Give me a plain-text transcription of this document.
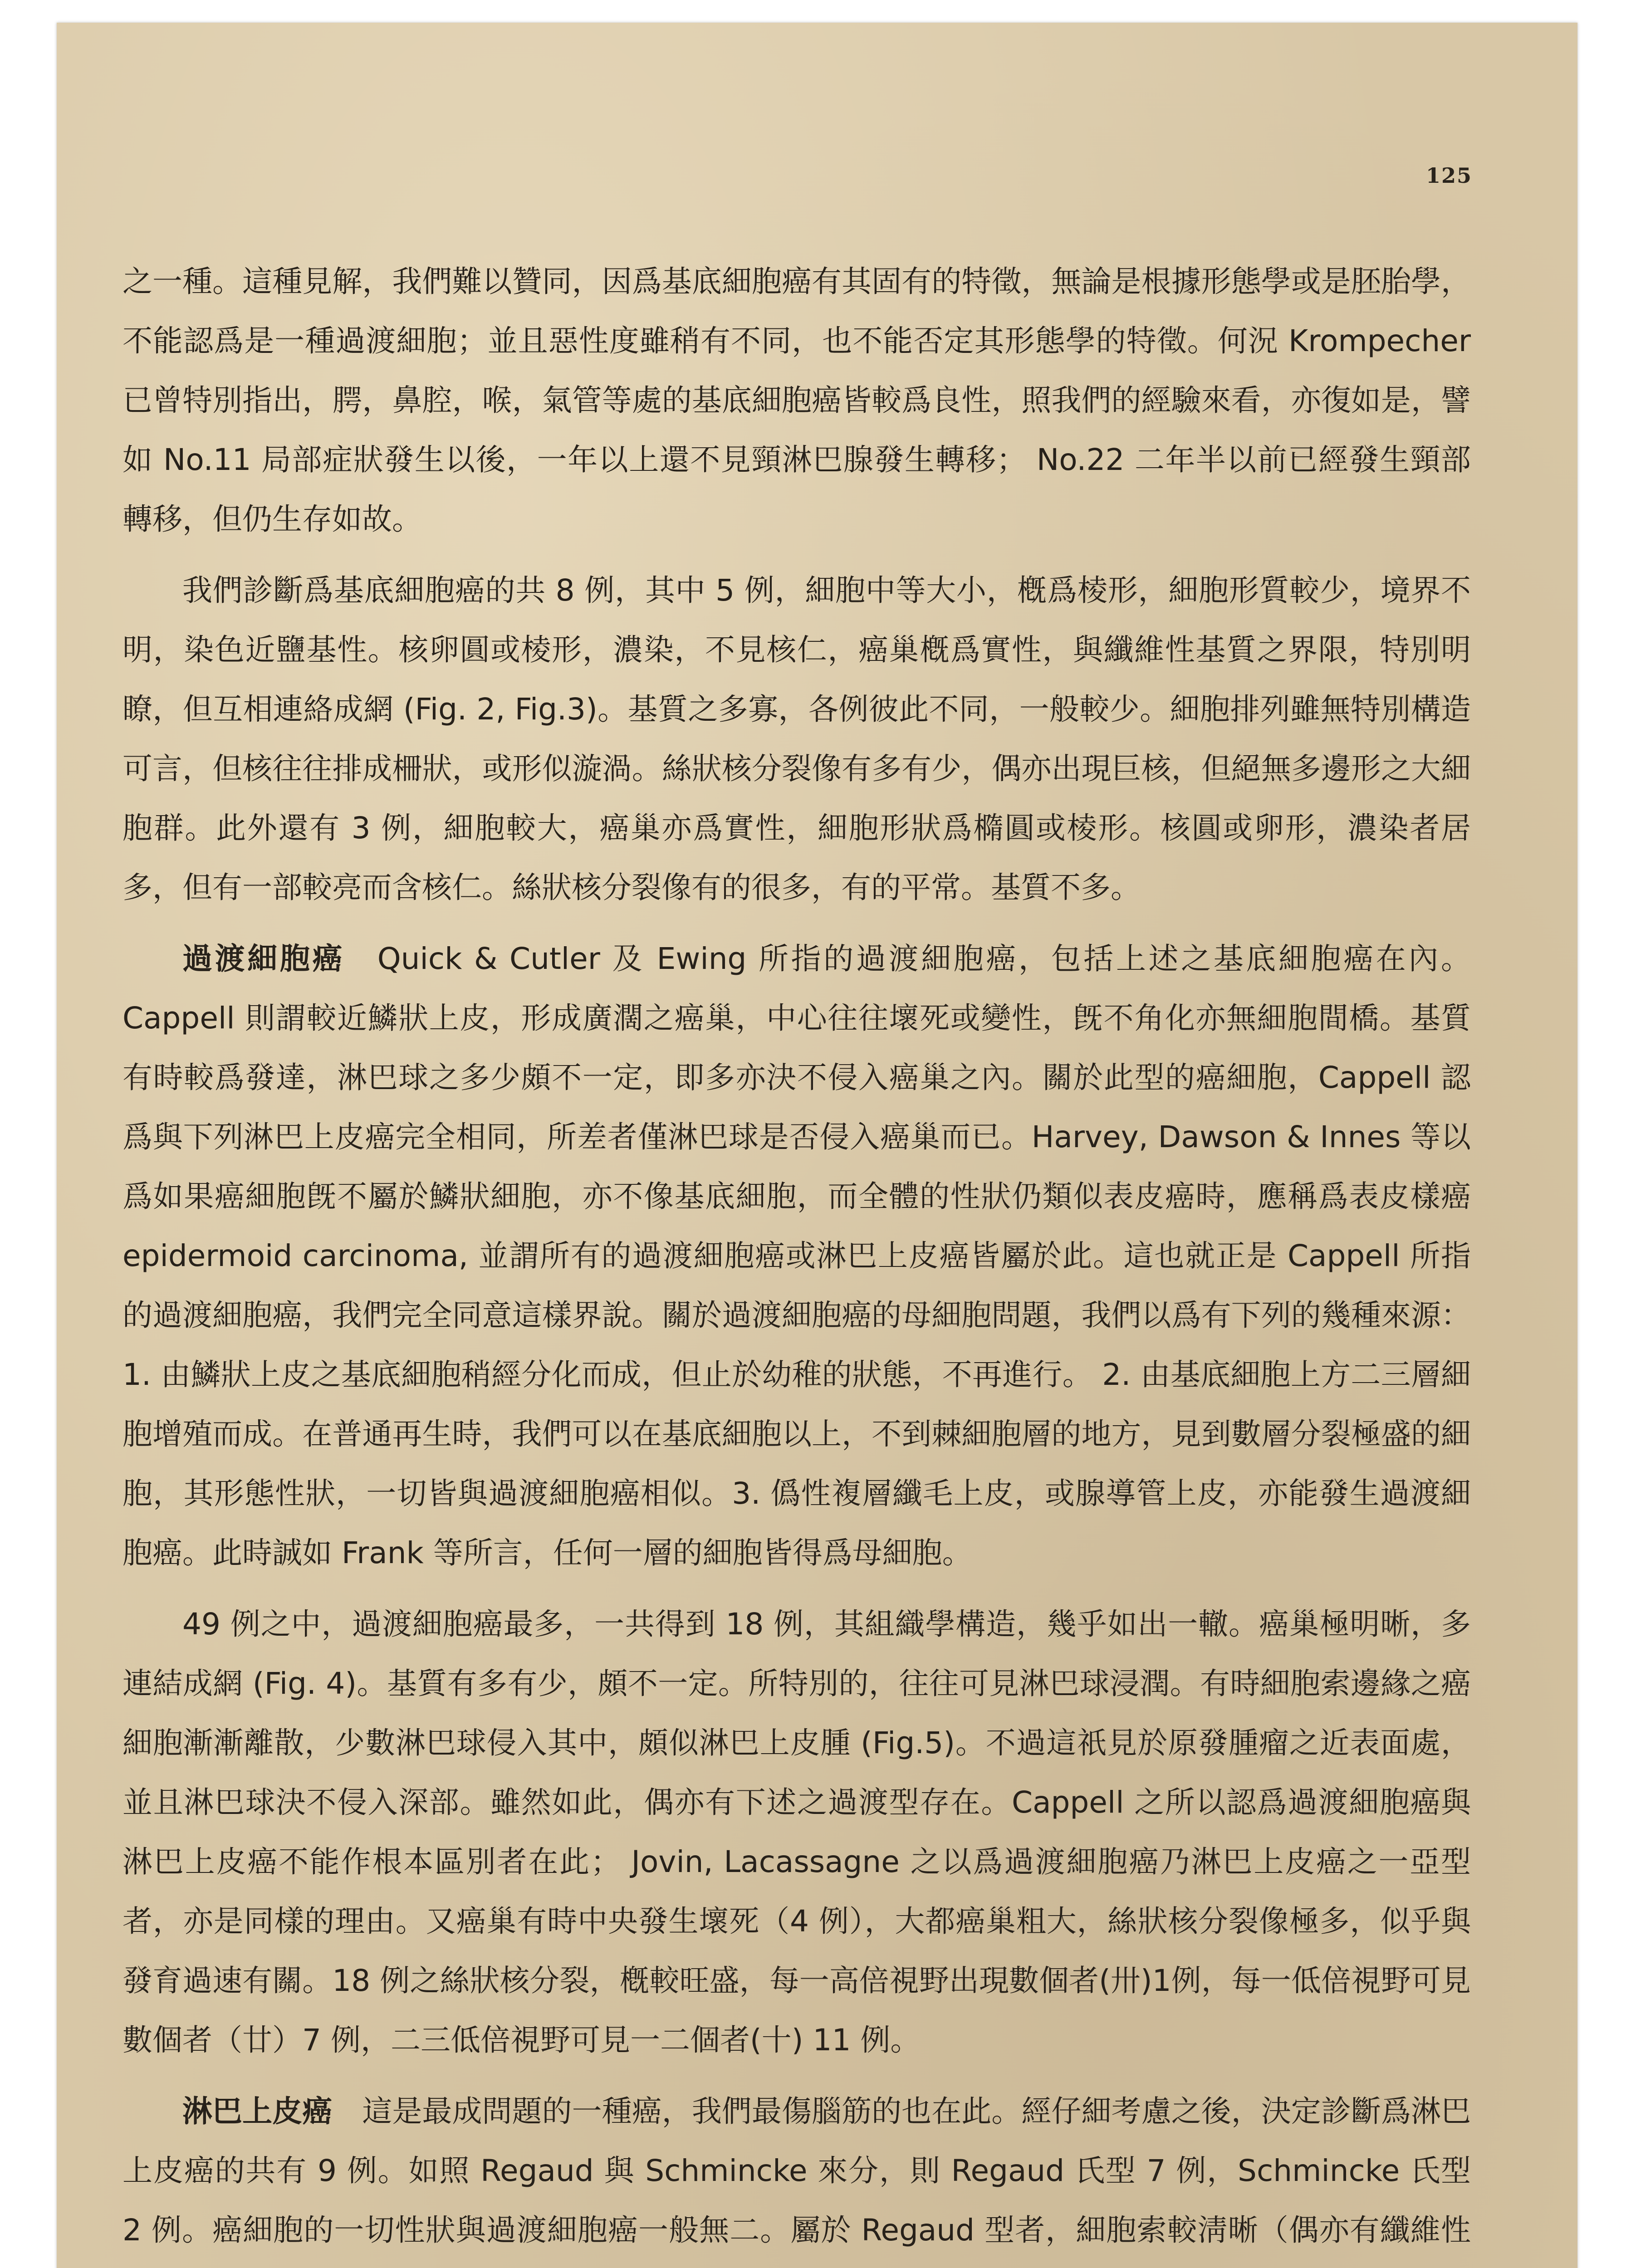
125

之一種。這種見解，我們難以贊同，因爲基底細胞癌有其固有的特徵，無論是根據形態學或是胚胎學，不能認爲是一種過渡細胞；並且惡性度雖稍有不同，也不能否定其形態學的特徵。何況 Krompecher 已曾特別指出，腭，鼻腔，喉，氣管等處的基底細胞癌皆較爲良性，照我們的經驗來看，亦復如是，譬如 No.11 局部症狀發生以後，一年以上還不見頸淋巴腺發生轉移； No.22 二年半以前已經發生頸部轉移，但仍生存如故。

我們診斷爲基底細胞癌的共 8 例，其中 5 例，細胞中等大小，槪爲棱形，細胞形質較少，境界不明，染色近鹽基性。核卵圓或棱形，濃染，不見核仁，癌巢槪爲實性，與纖維性基質之界限，特別明瞭，但互相連絡成網 (Fig. 2, Fig.3)。基質之多寡，各例彼此不同，一般較少。細胞排列雖無特別構造可言，但核往往排成柵狀，或形似漩渦。絲狀核分裂像有多有少，偶亦出現巨核，但絕無多邊形之大細胞群。此外還有 3 例，細胞較大，癌巢亦爲實性，細胞形狀爲橢圓或棱形。核圓或卵形，濃染者居多，但有一部較亮而含核仁。絲狀核分裂像有的很多，有的平常。基質不多。

過渡細胞癌　 Quick & Cutler 及 Ewing 所指的過渡細胞癌，包括上述之基底細胞癌在內。Cappell 則謂較近鱗狀上皮，形成廣濶之癌巢，中心往往壞死或變性，旣不角化亦無細胞間橋。基質有時較爲發達，淋巴球之多少頗不一定，即多亦決不侵入癌巢之內。關於此型的癌細胞，Cappell 認爲與下列淋巴上皮癌完全相同，所差者僅淋巴球是否侵入癌巢而已。Harvey, Dawson & Innes 等以爲如果癌細胞旣不屬於鱗狀細胞，亦不像基底細胞，而全體的性狀仍類似表皮癌時，應稱爲表皮樣癌 epidermoid carcinoma, 並謂所有的過渡細胞癌或淋巴上皮癌皆屬於此。這也就正是 Cappell 所指的過渡細胞癌，我們完全同意這樣界說。關於過渡細胞癌的母細胞問題，我們以爲有下列的幾種來源：1. 由鱗狀上皮之基底細胞稍經分化而成，但止於幼稚的狀態，不再進行。 2. 由基底細胞上方二三層細胞增殖而成。在普通再生時，我們可以在基底細胞以上，不到棘細胞層的地方，見到數層分裂極盛的細胞，其形態性狀，一切皆與過渡細胞癌相似。3. 僞性複層纖毛上皮，或腺導管上皮，亦能發生過渡細胞癌。此時誠如 Frank 等所言，任何一層的細胞皆得爲母細胞。

49 例之中，過渡細胞癌最多，一共得到 18 例，其組織學構造，幾乎如出一轍。癌巢極明晰，多連結成網 (Fig. 4)。基質有多有少，頗不一定。所特別的，往往可見淋巴球浸潤。有時細胞索邊緣之癌細胞漸漸離散，少數淋巴球侵入其中，頗似淋巴上皮腫 (Fig.5)。不過這祇見於原發腫瘤之近表面處，並且淋巴球決不侵入深部。雖然如此，偶亦有下述之過渡型存在。Cappell 之所以認爲過渡細胞癌與淋巴上皮癌不能作根本區別者在此； Jovin, Lacassagne 之以爲過渡細胞癌乃淋巴上皮癌之一亞型者，亦是同樣的理由。又癌巢有時中央發生壞死（4 例），大都癌巢粗大，絲狀核分裂像極多，似乎與發育過速有關。18 例之絲狀核分裂，槪較旺盛，每一高倍視野出現數個者(卅)1例，每一低倍視野可見數個者（廿）7 例，二三低倍視野可見一二個者(十) 11 例。

淋巴上皮癌　 這是最成問題的一種癌，我們最傷腦筋的也在此。經仔細考慮之後，決定診斷爲淋巴上皮癌的共有 9 例。如照 Regaud 與 Schmincke 來分，則 Regaud 氏型 7 例，Schmincke 氏型 2 例。癌細胞的一切性狀與過渡細胞癌一般無二。屬於 Regaud 型者，細胞索較淸晰（偶亦有纖維性
